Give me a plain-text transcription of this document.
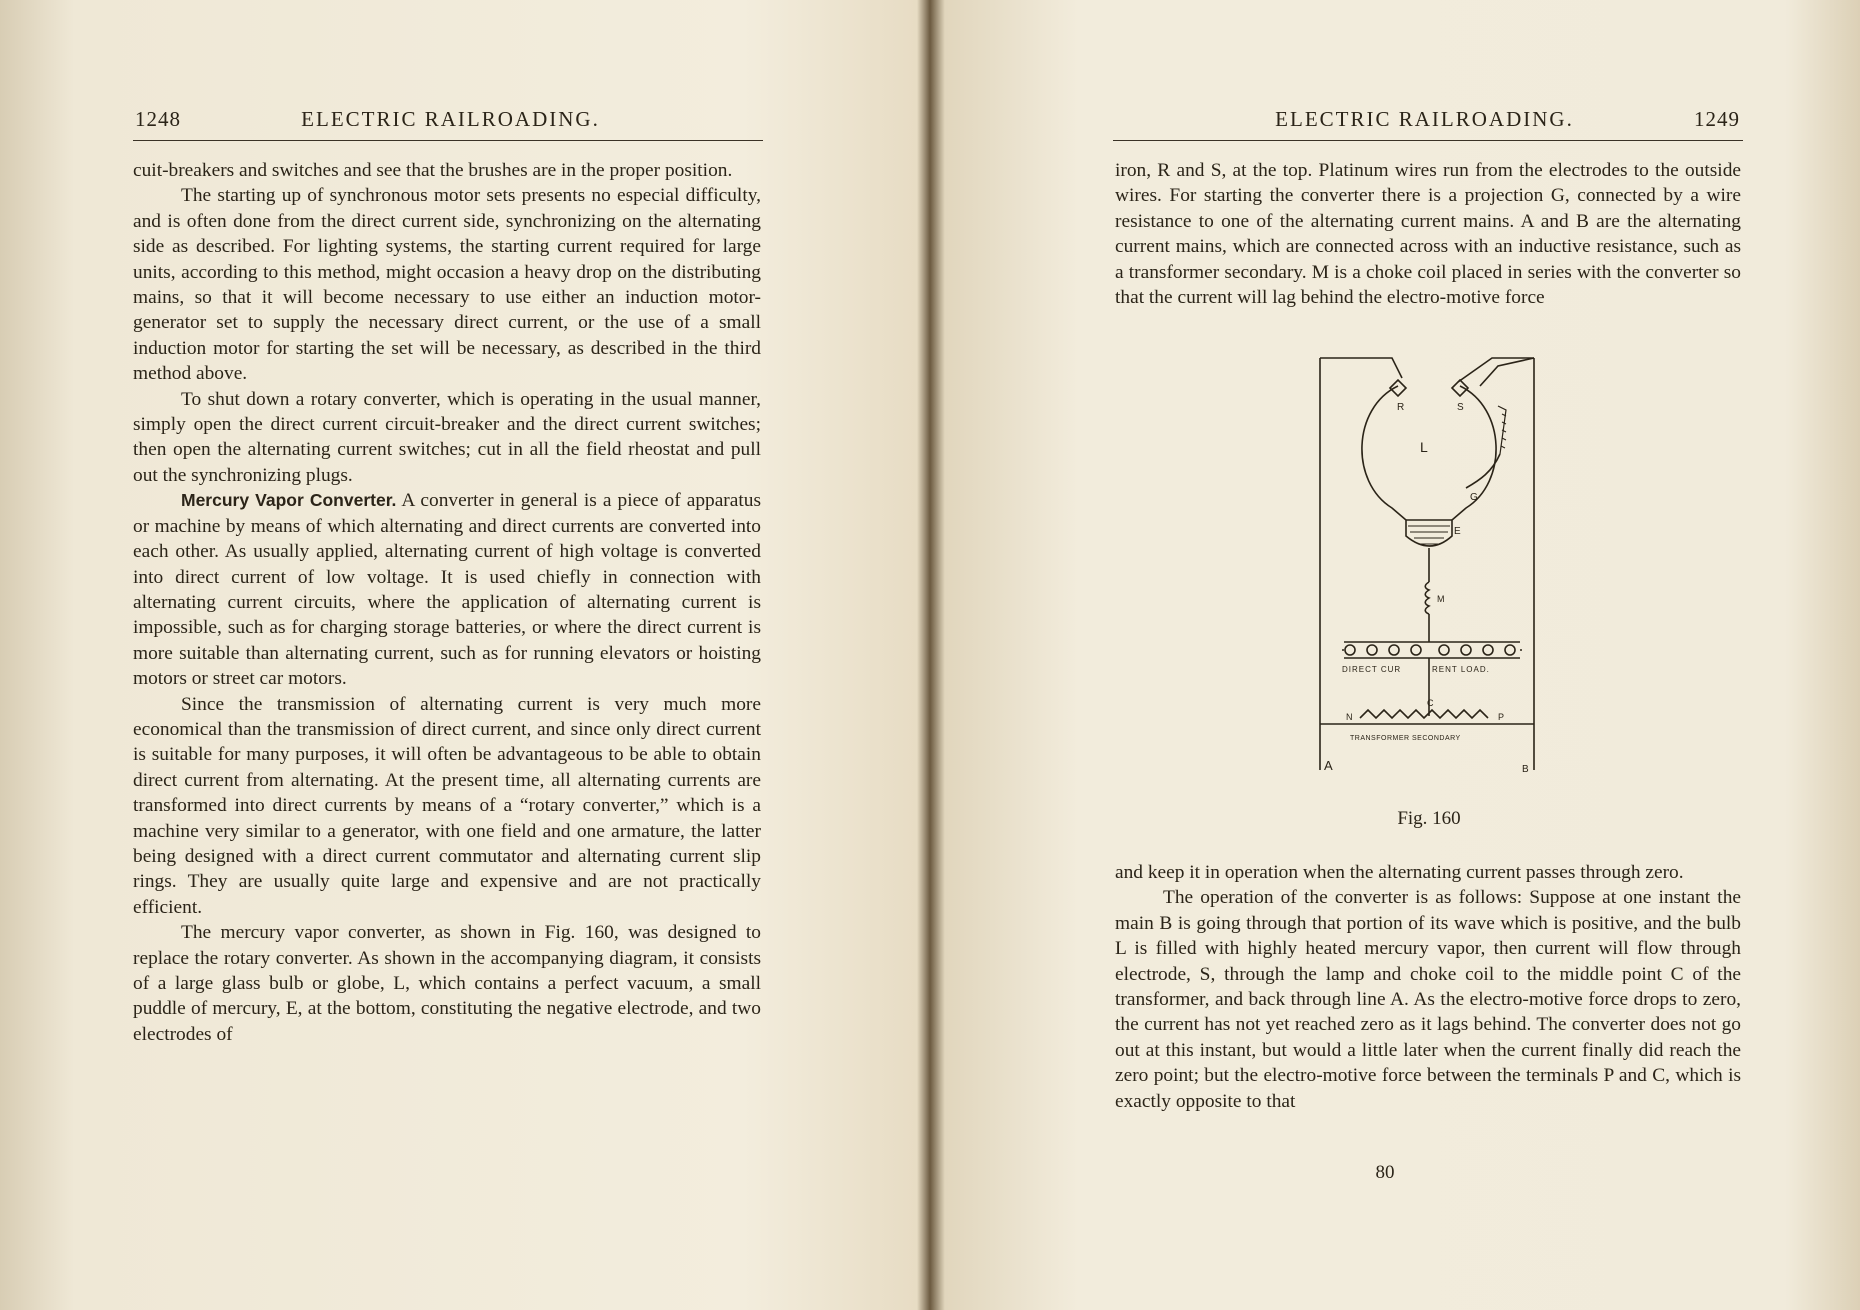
1248	ELECTRIC RAILROADING.

cuit-breakers and switches and see that the brushes are in the proper position.

The starting up of synchronous motor sets presents no especial difficulty, and is often done from the direct current side, synchronizing on the alternating side as described. For lighting systems, the starting current required for large units, according to this method, might occasion a heavy drop on the distributing mains, so that it will become necessary to use either an induction motor-generator set to supply the necessary direct current, or the use of a small induction motor for starting the set will be necessary, as described in the third method above.

To shut down a rotary converter, which is operating in the usual manner, simply open the direct current circuit-breaker and the direct current switches; then open the alternating current switches; cut in all the field rheostat and pull out the synchronizing plugs.

Mercury Vapor Converter. A converter in general is a piece of apparatus or machine by means of which alternating and direct currents are converted into each other. As usually applied, alternating current of high voltage is converted into direct current of low voltage. It is used chiefly in connection with alternating current circuits, where the application of alternating current is impossible, such as for charging storage batteries, or where the direct current is more suitable than alternating current, such as for running elevators or hoisting motors or street car motors.

Since the transmission of alternating current is very much more economical than the transmission of direct current, and since only direct current is suitable for many purposes, it will often be advantageous to be able to obtain direct current from alternating. At the present time, all alternating currents are transformed into direct currents by means of a “rotary converter,” which is a machine very similar to a generator, with one field and one armature, the latter being designed with a direct current commutator and alternating current slip rings. They are usually quite large and expensive and are not practically efficient.

The mercury vapor converter, as shown in Fig. 160, was designed to replace the rotary converter. As shown in the accompanying diagram, it consists of a large glass bulb or globe, L, which contains a perfect vacuum, a small puddle of mercury, E, at the bottom, constituting the negative electrode, and two electrodes of

ELECTRIC RAILROADING.	1249

iron, R and S, at the top. Platinum wires run from the electrodes to the outside wires. For starting the converter there is a projection G, connected by a wire resistance to one of the alternating current mains. A and B are the alternating current mains, which are connected across with an inductive resistance, such as a transformer secondary. M is a choke coil placed in series with the converter so that the current will lag behind the electro-motive force

R	S
L
G
E
M
DIRECT CUR	RENT LOAD.
N
C
P
TRANSFORMER SECONDARY
A	B
Fig. 160

and keep it in operation when the alternating current passes through zero.

The operation of the converter is as follows: Suppose at one instant the main B is going through that portion of its wave which is positive, and the bulb L is filled with highly heated mercury vapor, then current will flow through electrode, S, through the lamp and choke coil to the middle point C of the transformer, and back through line A. As the electro-motive force drops to zero, the current has not yet reached zero as it lags behind. The converter does not go out at this instant, but would a little later when the current finally did reach the zero point; but the electro-motive force between the terminals P and C, which is exactly opposite to that

80
